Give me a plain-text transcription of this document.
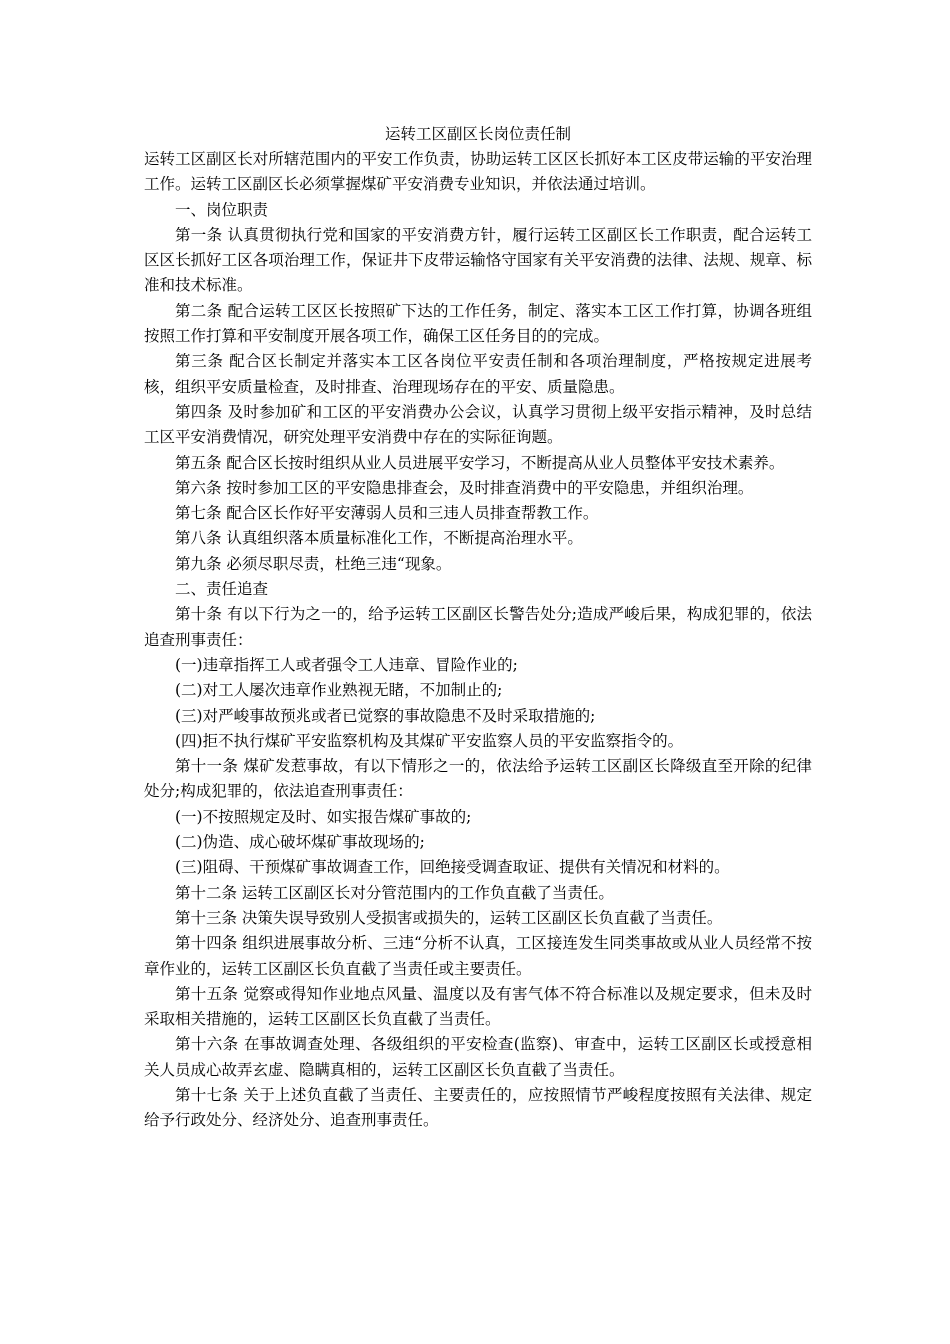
运转工区副区长岗位责任制

运转工区副区长对所辖范围内的平安工作负责，协助运转工区区长抓好本工区皮带运输的平安治理工作。运转工区副区长必须掌握煤矿平安消费专业知识，并依法通过培训。

一、岗位职责

第一条 认真贯彻执行党和国家的平安消费方针，履行运转工区副区长工作职责，配合运转工区区长抓好工区各项治理工作，保证井下皮带运输恪守国家有关平安消费的法律、法规、规章、标准和技术标准。

第二条 配合运转工区区长按照矿下达的工作任务，制定、落实本工区工作打算，协调各班组按照工作打算和平安制度开展各项工作，确保工区任务目的的完成。

第三条 配合区长制定并落实本工区各岗位平安责任制和各项治理制度，严格按规定进展考核，组织平安质量检查，及时排查、治理现场存在的平安、质量隐患。

第四条 及时参加矿和工区的平安消费办公会议，认真学习贯彻上级平安指示精神，及时总结工区平安消费情况，研究处理平安消费中存在的实际征询题。

第五条 配合区长按时组织从业人员进展平安学习，不断提高从业人员整体平安技术素养。

第六条 按时参加工区的平安隐患排查会，及时排查消费中的平安隐患，并组织治理。

第七条 配合区长作好平安薄弱人员和三违人员排查帮教工作。

第八条 认真组织落本质量标准化工作，不断提高治理水平。

第九条 必须尽职尽责，杜绝三违“现象。

二、责任追查

第十条 有以下行为之一的，给予运转工区副区长警告处分;造成严峻后果，构成犯罪的，依法追查刑事责任：

(一)违章指挥工人或者强令工人违章、冒险作业的;

(二)对工人屡次违章作业熟视无睹，不加制止的;

(三)对严峻事故预兆或者已觉察的事故隐患不及时采取措施的;

(四)拒不执行煤矿平安监察机构及其煤矿平安监察人员的平安监察指令的。

第十一条 煤矿发惹事故，有以下情形之一的，依法给予运转工区副区长降级直至开除的纪律处分;构成犯罪的，依法追查刑事责任：

(一)不按照规定及时、如实报告煤矿事故的;

(二)伪造、成心破坏煤矿事故现场的;

(三)阻碍、干预煤矿事故调查工作，回绝接受调查取证、提供有关情况和材料的。

第十二条 运转工区副区长对分管范围内的工作负直截了当责任。

第十三条 决策失误导致别人受损害或损失的，运转工区副区长负直截了当责任。

第十四条 组织进展事故分析、三违“分析不认真，工区接连发生同类事故或从业人员经常不按章作业的，运转工区副区长负直截了当责任或主要责任。

第十五条 觉察或得知作业地点风量、温度以及有害气体不符合标准以及规定要求，但未及时采取相关措施的，运转工区副区长负直截了当责任。

第十六条 在事故调查处理、各级组织的平安检查(监察)、审查中，运转工区副区长或授意相关人员成心故弄玄虚、隐瞒真相的，运转工区副区长负直截了当责任。

第十七条 关于上述负直截了当责任、主要责任的，应按照情节严峻程度按照有关法律、规定给予行政处分、经济处分、追查刑事责任。
